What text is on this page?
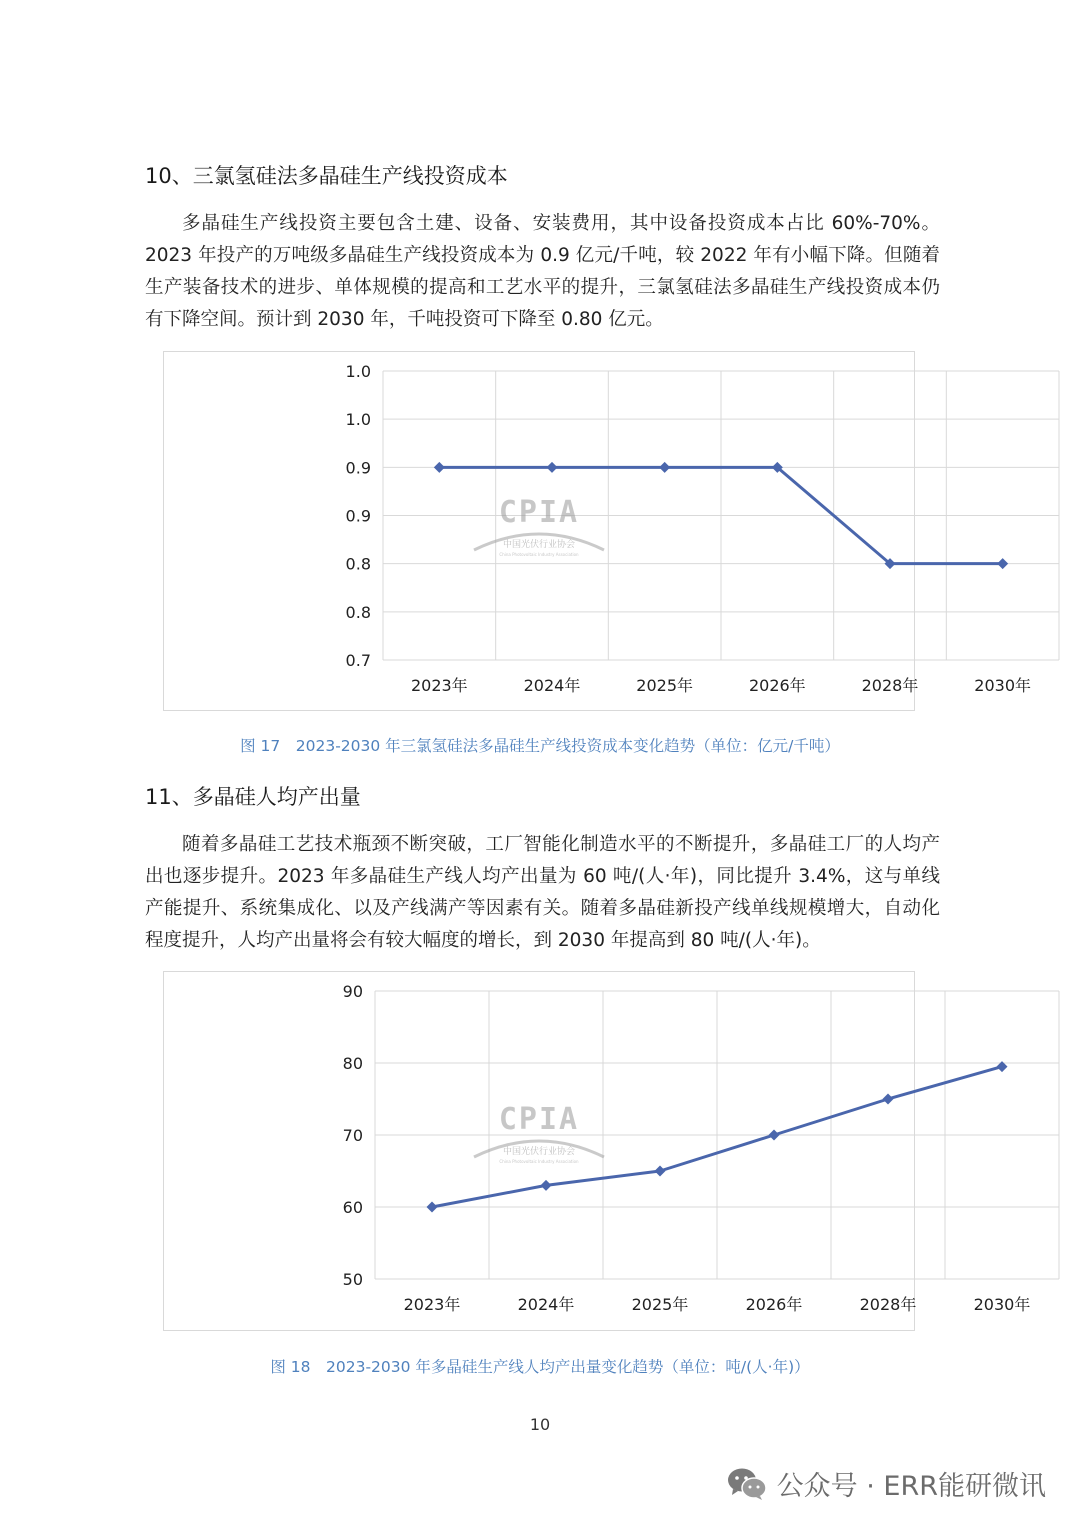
10、三氯氢硅法多晶硅生产线投资成本
多晶硅生产线投资主要包含土建、设备、安装费用，其中设备投资成本占比 60%-70%。2023 年投产的万吨级多晶硅生产线投资成本为 0.9 亿元/千吨，较 2022 年有小幅下降。但随着生产装备技术的进步、单体规模的提高和工艺水平的提升，三氯氢硅法多晶硅生产线投资成本仍有下降空间。预计到 2030 年，千吨投资可下降至 0.80 亿元。
0.7
0.8
0.8
0.9
0.9
1.0
1.0
2023年	2024年	2025年	2026年	2028年	2030年
CPIA
中国光伏行业协会
China Photovoltaic Industry Association
图 17　2023-2030 年三氯氢硅法多晶硅生产线投资成本变化趋势（单位：亿元/千吨）
11、多晶硅人均产出量
随着多晶硅工艺技术瓶颈不断突破，工厂智能化制造水平的不断提升，多晶硅工厂的人均产出也逐步提升。2023 年多晶硅生产线人均产出量为 60 吨/(人·年)，同比提升 3.4%，这与单线产能提升、系统集成化、以及产线满产等因素有关。随着多晶硅新投产线单线规模增大，自动化程度提升，人均产出量将会有较大幅度的增长，到 2030 年提高到 80 吨/(人·年)。
50
60
70
80
90
2023年	2024年	2025年	2026年	2028年	2030年
CPIA
中国光伏行业协会
China Photovoltaic Industry Association
图 18　2023-2030 年多晶硅生产线人均产出量变化趋势（单位：吨/(人·年)）
10
公众号 · ERR能研微讯
